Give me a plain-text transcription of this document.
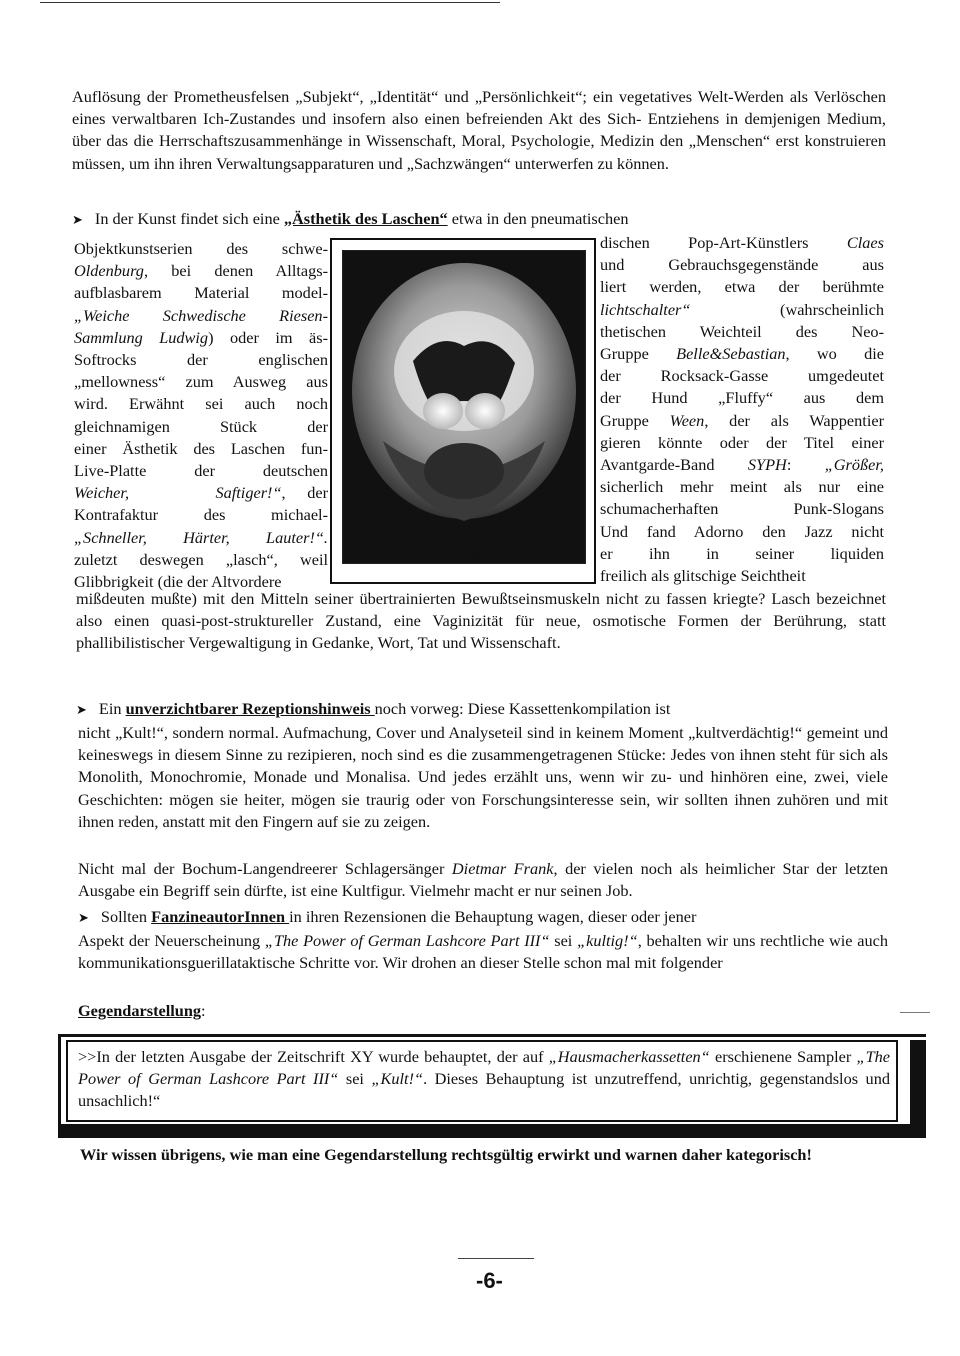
Auflösung der Prometheusfelsen „Subjekt“, „Identität“ und „Persönlichkeit“; ein vegetatives Welt-Werden als Verlöschen eines verwaltbaren Ich-Zustandes und insofern also einen befreienden Akt des Sich- Entziehens in demjenigen Medium, über das die Herrschaftszusammenhänge in Wissenschaft, Moral, Psychologie, Medizin den „Menschen“ erst konstruieren müssen, um ihn ihren Verwaltungsapparaturen und „Sachzwängen“ unterwerfen zu können.

➤ In der Kunst findet sich eine „Ästhetik des Laschen“ etwa in den pneumatischen

Objektkunstserien des schwe-
Oldenburg, bei denen Alltags-
aufblasbarem Material model-
„Weiche Schwedische Riesen-
Sammlung Ludwig) oder im äs-
Softrocks der englischen
„mellowness“ zum Ausweg aus
wird. Erwähnt sei auch noch
gleichnamigen Stück der
einer Ästhetik des Laschen fun-
Live-Platte der deutschen
Weicher,    Saftiger!“, der
Kontrafaktur des michael-
„Schneller, Härter, Lauter!“.
zuletzt deswegen „lasch“, weil
Glibbrigkeit (die der Altvordere
Claes Oldenburg. Weicher
schwedischer Riesenschalter; 1966
dischen Pop-Art-Künstlers Claes
und Gebrauchsgegenstände aus
liert werden, etwa der berühmte
lichtschalter“ (wahrscheinlich
thetischen Weichteil des Neo-
Gruppe Belle&Sebastian, wo die
der Rocksack-Gasse umgedeutet
der Hund „Fluffy“ aus dem
Gruppe Ween, der als Wappentier
gieren könnte oder der Titel einer
Avantgarde-Band SYPH: „Größer,
sicherlich mehr meint als nur eine
schumacherhaften Punk-Slogans
Und fand Adorno den Jazz nicht
er ihn in seiner liquiden
freilich als glitschige Seichtheit

mißdeuten mußte) mit den Mitteln seiner übertrainierten Bewußtseinsmuskeln nicht zu fassen kriegte? Lasch bezeichnet also einen quasi-post-struktureller Zustand, eine Vaginizität für neue, osmotische Formen der Berührung, statt phallibilistischer Vergewaltigung in Gedanke, Wort, Tat und Wissenschaft.

➤ Ein unverzichtbarer Rezeptionshinweis noch vorweg: Diese Kassettenkompilation ist

nicht „Kult!“, sondern normal. Aufmachung, Cover und Analyseteil sind in keinem Moment „kultverdächtig!“ gemeint und keineswegs in diesem Sinne zu rezipieren, noch sind es die zusammengetragenen Stücke: Jedes von ihnen steht für sich als Monolith, Monochromie, Monade und Monalisa. Und jedes erzählt uns, wenn wir zu- und hinhören eine, zwei, viele Geschichten: mögen sie heiter, mögen sie traurig oder von Forschungsinteresse sein, wir sollten ihnen zuhören und mit ihnen reden, anstatt mit den Fingern auf sie zu zeigen.

Nicht mal der Bochum-Langendreerer Schlagersänger Dietmar Frank, der vielen noch als heimlicher Star der letzten Ausgabe ein Begriff sein dürfte, ist eine Kultfigur. Vielmehr macht er nur seinen Job.

➤ Sollten FanzineautorInnen in ihren Rezensionen die Behauptung wagen, dieser oder jener

Aspekt der Neuerscheinung „The Power of German Lashcore Part III“ sei „kultig!“, behalten wir uns rechtliche wie auch kommunikationsguerillataktische Schritte vor. Wir drohen an dieser Stelle schon mal mit folgender

Gegendarstellung:

>>In der letzten Ausgabe der Zeitschrift XY wurde behauptet, der auf „Hausmacherkassetten“ erschienene Sampler „The Power of German Lashcore Part III“ sei „Kult!“. Dieses Behauptung ist unzutreffend, unrichtig, gegenstandslos und unsachlich!“

Wir wissen übrigens, wie man eine Gegendarstellung rechtsgültig erwirkt und warnen daher kategorisch!

-6-
